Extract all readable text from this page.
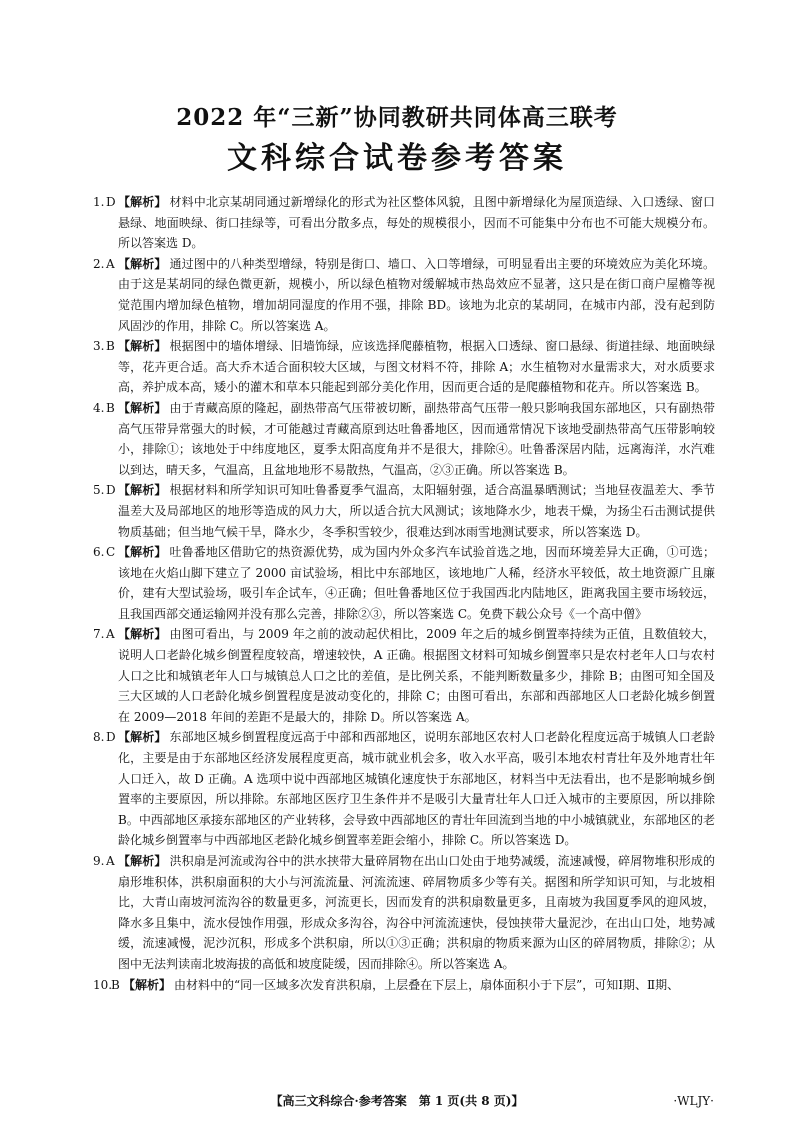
2022 年“三新”协同教研共同体高三联考
文科综合试卷参考答案
1. D 【解析】 材料中北京某胡同通过新增绿化的形式为社区整体风貌，且图中新增绿化为屋顶造绿、入口透绿、窗口悬绿、地面映绿、街口挂绿等，可看出分散多点，每处的规模很小，因而不可能集中分布也不可能大规模分布。所以答案选 D。
2. A 【解析】 通过图中的八种类型增绿，特别是街口、墙口、入口等增绿，可明显看出主要的环境效应为美化环境。由于这是某胡同的绿色微更新，规模小，所以绿色植物对缓解城市热岛效应不显著，这只是在街口商户屋檐等视觉范围内增加绿色植物，增加胡同湿度的作用不强，排除 BD。该地为北京的某胡同，在城市内部，没有起到防风固沙的作用，排除 C。所以答案选 A。
3. B 【解析】 根据图中的墙体增绿、旧墙饰绿，应该选择爬藤植物，根据入口透绿、窗口悬绿、街道挂绿、地面映绿等，花卉更合适。高大乔木适合面积较大区域，与图文材料不符，排除 A；水生植物对水量需求大，对水质要求高，养护成本高，矮小的灌木和草本只能起到部分美化作用，因而更合适的是爬藤植物和花卉。所以答案选 B。
4. B 【解析】 由于青藏高原的隆起，副热带高气压带被切断，副热带高气压带一般只影响我国东部地区，只有副热带高气压带异常强大的时候，才可能越过青藏高原到达吐鲁番地区，因而通常情况下该地受副热带高气压带影响较小，排除①；该地处于中纬度地区，夏季太阳高度角并不是很大，排除④。吐鲁番深居内陆，远离海洋，水汽难以到达，晴天多，气温高，且盆地地形不易散热，气温高，②③正确。所以答案选 B。
5. D 【解析】 根据材料和所学知识可知吐鲁番夏季气温高，太阳辐射强，适合高温暴晒测试；当地昼夜温差大、季节温差大及局部地区的地形等造成的风力大，所以适合抗大风测试；该地降水少，地表干燥，为扬尘石击测试提供物质基础；但当地气候干旱，降水少，冬季积雪较少，很难达到冰雨雪地测试要求，所以答案选 D。
6. C 【解析】 吐鲁番地区借助它的热资源优势，成为国内外众多汽车试验首选之地，因而环境差异大正确，①可选；该地在火焰山脚下建立了 2000 亩试验场，相比中东部地区，该地地广人稀，经济水平较低，故土地资源广且廉价，建有大型试验场，吸引车企试车，④正确；但吐鲁番地区位于我国西北内陆地区，距离我国主要市场较远，且我国西部交通运输网并没有那么完善，排除②③，所以答案选 C。免费下载公众号《一个高中僧》
7. A 【解析】 由图可看出，与 2009 年之前的波动起伏相比，2009 年之后的城乡倒置率持续为正值，且数值较大，说明人口老龄化城乡倒置程度较高，增速较快，A 正确。根据图文材料可知城乡倒置率只是农村老年人口与农村人口之比和城镇老年人口与城镇总人口之比的差值，是比例关系，不能判断数量多少，排除 B；由图可知全国及三大区域的人口老龄化城乡倒置程度是波动变化的，排除 C；由图可看出，东部和西部地区人口老龄化城乡倒置在 2009—2018 年间的差距不是最大的，排除 D。所以答案选 A。
8. D 【解析】 东部地区城乡倒置程度远高于中部和西部地区，说明东部地区农村人口老龄化程度远高于城镇人口老龄化，主要是由于东部地区经济发展程度更高，城市就业机会多，收入水平高，吸引本地农村青壮年及外地青壮年人口迁入，故 D 正确。A 选项中说中西部地区城镇化速度快于东部地区，材料当中无法看出，也不是影响城乡倒置率的主要原因，所以排除。东部地区医疗卫生条件并不是吸引大量青壮年人口迁入城市的主要原因，所以排除 B。中西部地区承接东部地区的产业转移，会导致中西部地区的青壮年回流到当地的中小城镇就业，东部地区的老龄化城乡倒置率与中西部地区老龄化城乡倒置率差距会缩小，排除 C。所以答案选 D。
9. A 【解析】 洪积扇是河流或沟谷中的洪水挟带大量碎屑物在出山口处由于地势减缓，流速减慢，碎屑物堆积形成的扇形堆积体，洪积扇面积的大小与河流流量、河流流速、碎屑物质多少等有关。据图和所学知识可知，与北坡相比，大青山南坡河流沟谷的数量更多，河流更长，因而发育的洪积扇数量更多，且南坡为我国夏季风的迎风坡，降水多且集中，流水侵蚀作用强，形成众多沟谷，沟谷中河流流速快，侵蚀挟带大量泥沙，在出山口处，地势减缓，流速减慢，泥沙沉积，形成多个洪积扇，所以①③正确；洪积扇的物质来源为山区的碎屑物质，排除②；从图中无法判读南北坡海拔的高低和坡度陡缓，因而排除④。所以答案选 A。
10.
B 【解析】 由材料中的“同一区域多次发育洪积扇，上层叠在下层上，扇体面积小于下层”，可知Ⅰ期、Ⅱ期、
【高三文科综合·参考答案　第 1 页(共 8 页)】	·WLJY·
